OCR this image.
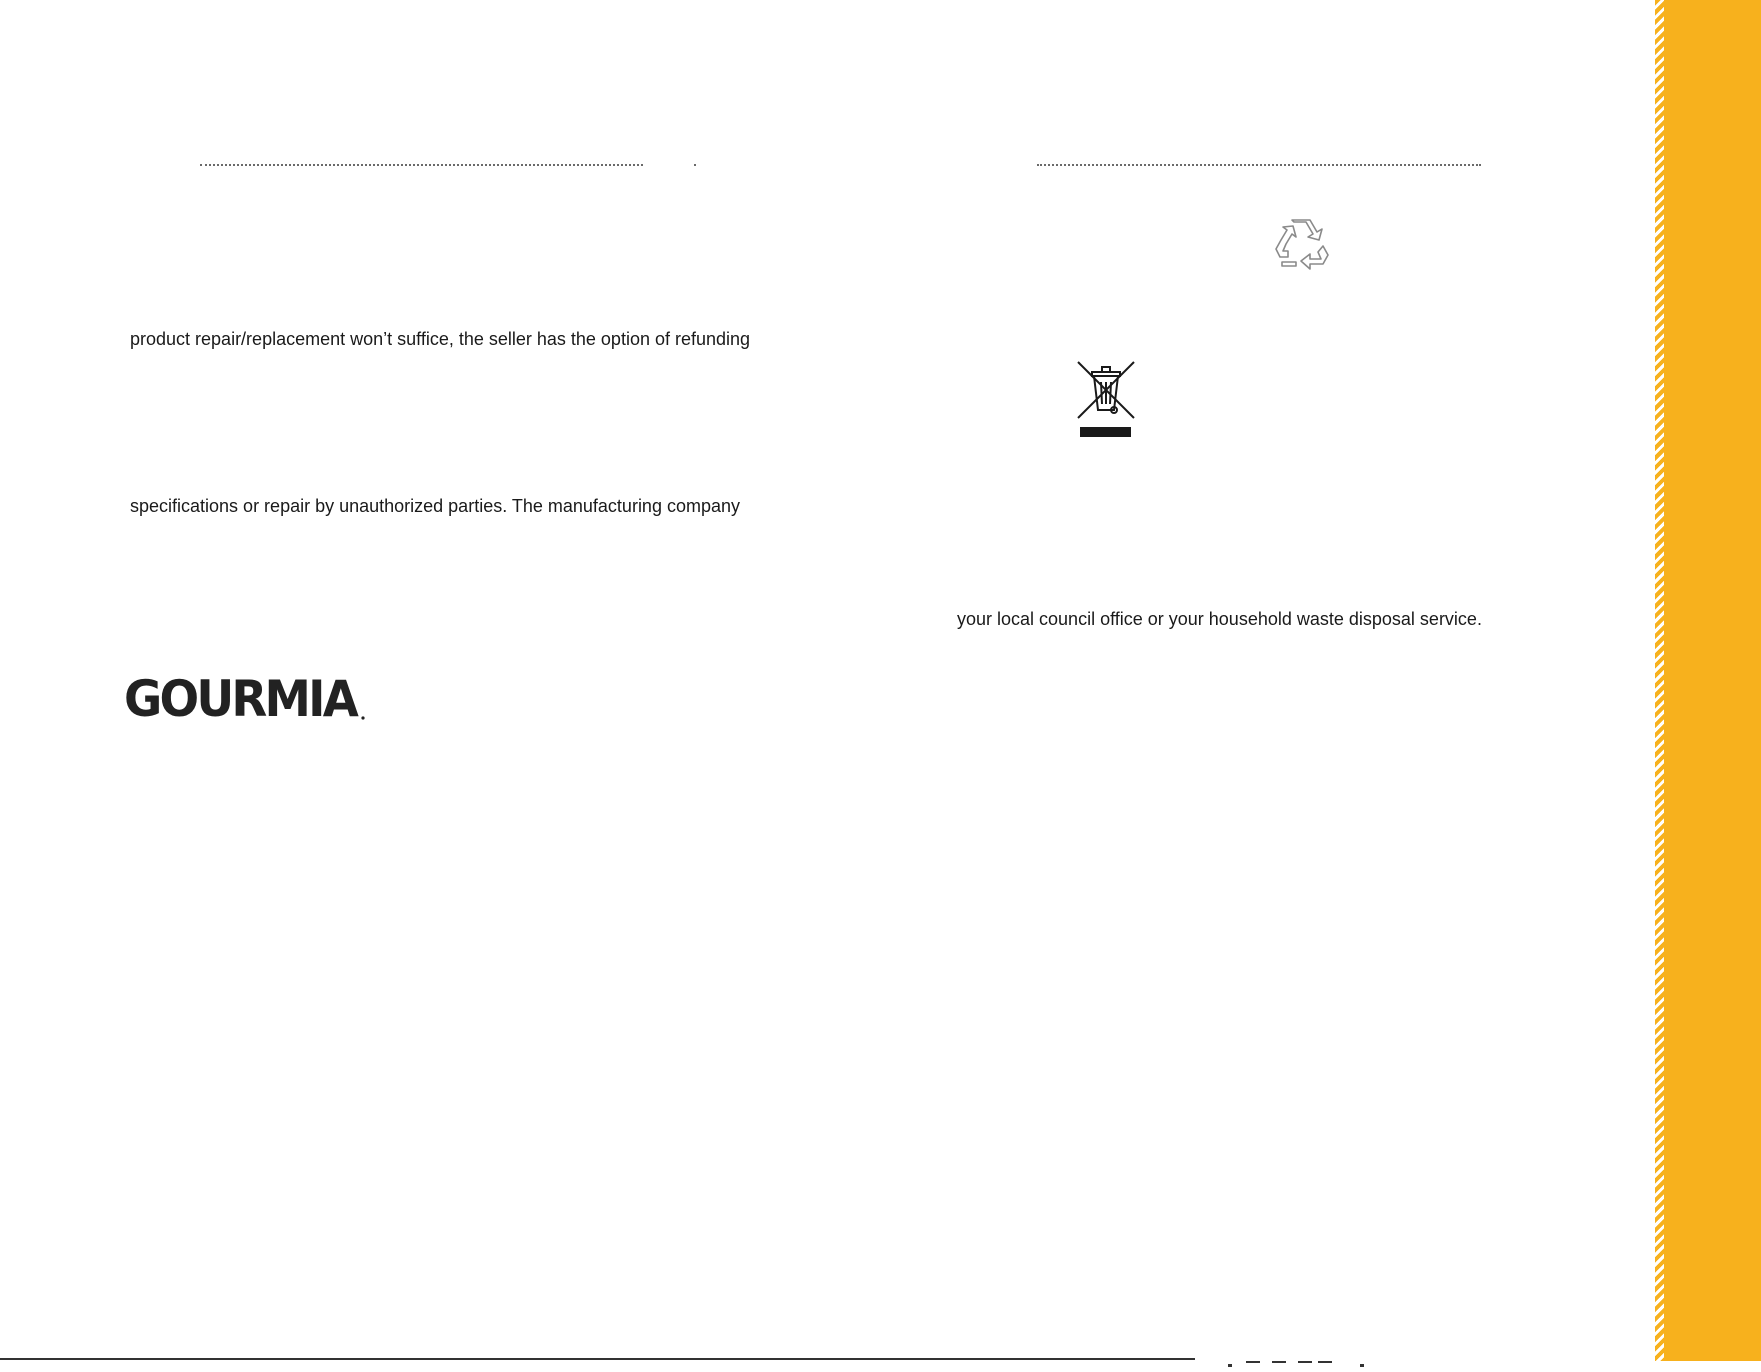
product repair/replacement won’t suffice, the seller has the option of refunding

specifications or repair by unauthorized parties. The manufacturing company

your local council office or your household waste disposal service.

GOURMIA
